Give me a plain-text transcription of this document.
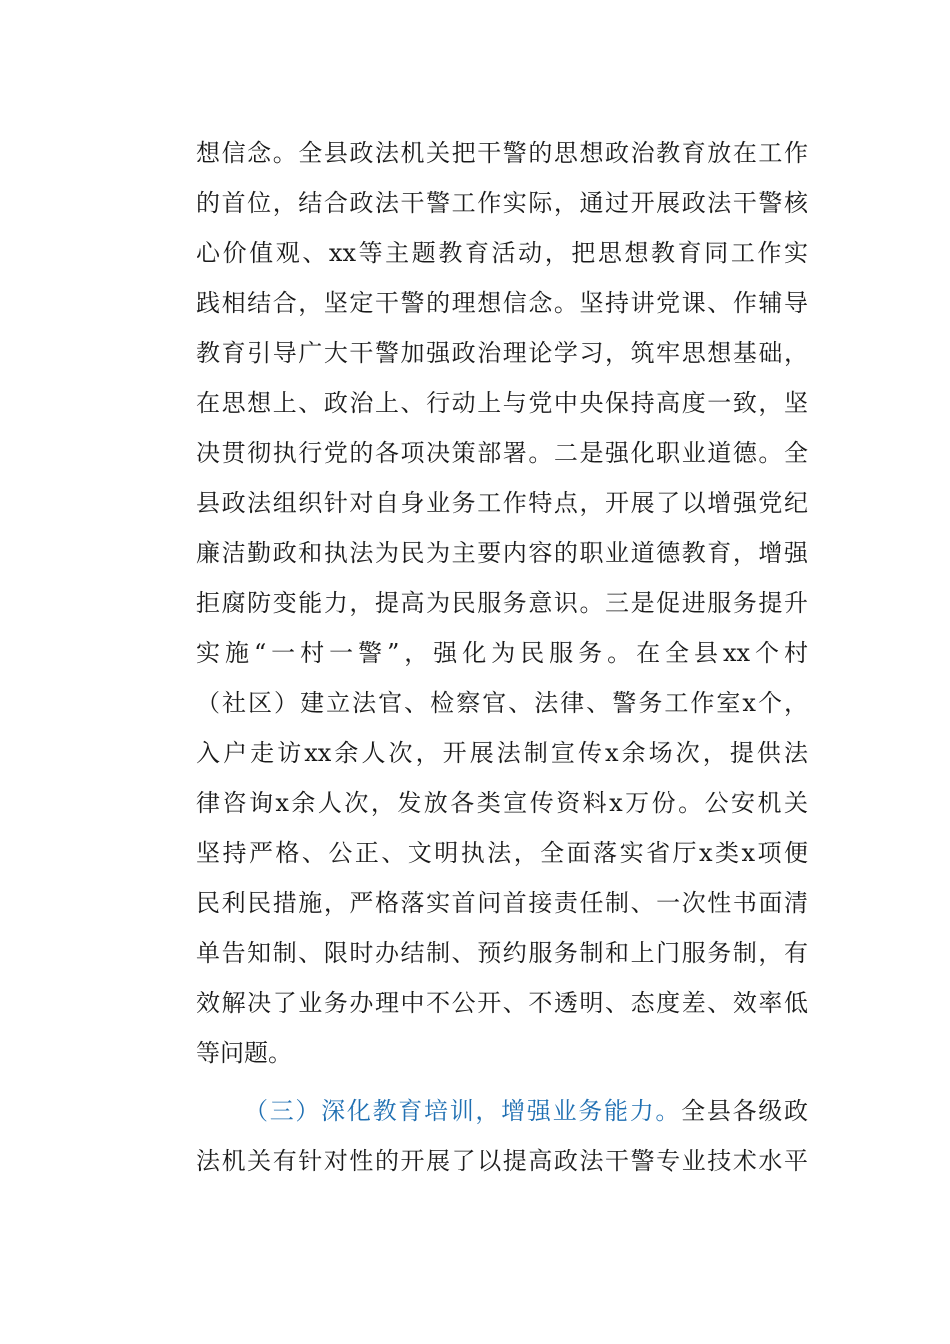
想信念。全县政法机关把干警的思想政治教育放在工作
的首位，结合政法干警工作实际，通过开展政法干警核
心价值观、xx等主题教育活动，把思想教育同工作实
践相结合，坚定干警的理想信念。坚持讲党课、作辅导
教育引导广大干警加强政治理论学习，筑牢思想基础，
在思想上、政治上、行动上与党中央保持高度一致，坚
决贯彻执行党的各项决策部署。二是强化职业道德。全
县政法组织针对自身业务工作特点，开展了以增强党纪
廉洁勤政和执法为民为主要内容的职业道德教育，增强
拒腐防变能力，提高为民服务意识。三是促进服务提升
实施“一村一警”，强化为民服务。在全县xx个村
（社区）建立法官、检察官、法律、警务工作室x个，
入户走访xx余人次，开展法制宣传x余场次，提供法
律咨询x余人次，发放各类宣传资料x万份。公安机关
坚持严格、公正、文明执法，全面落实省厅x类x项便
民利民措施，严格落实首问首接责任制、一次性书面清
单告知制、限时办结制、预约服务制和上门服务制，有
效解决了业务办理中不公开、不透明、态度差、效率低
等问题。
（三）深化教育培训，增强业务能力。全县各级政
法机关有针对性的开展了以提高政法干警专业技术水平
